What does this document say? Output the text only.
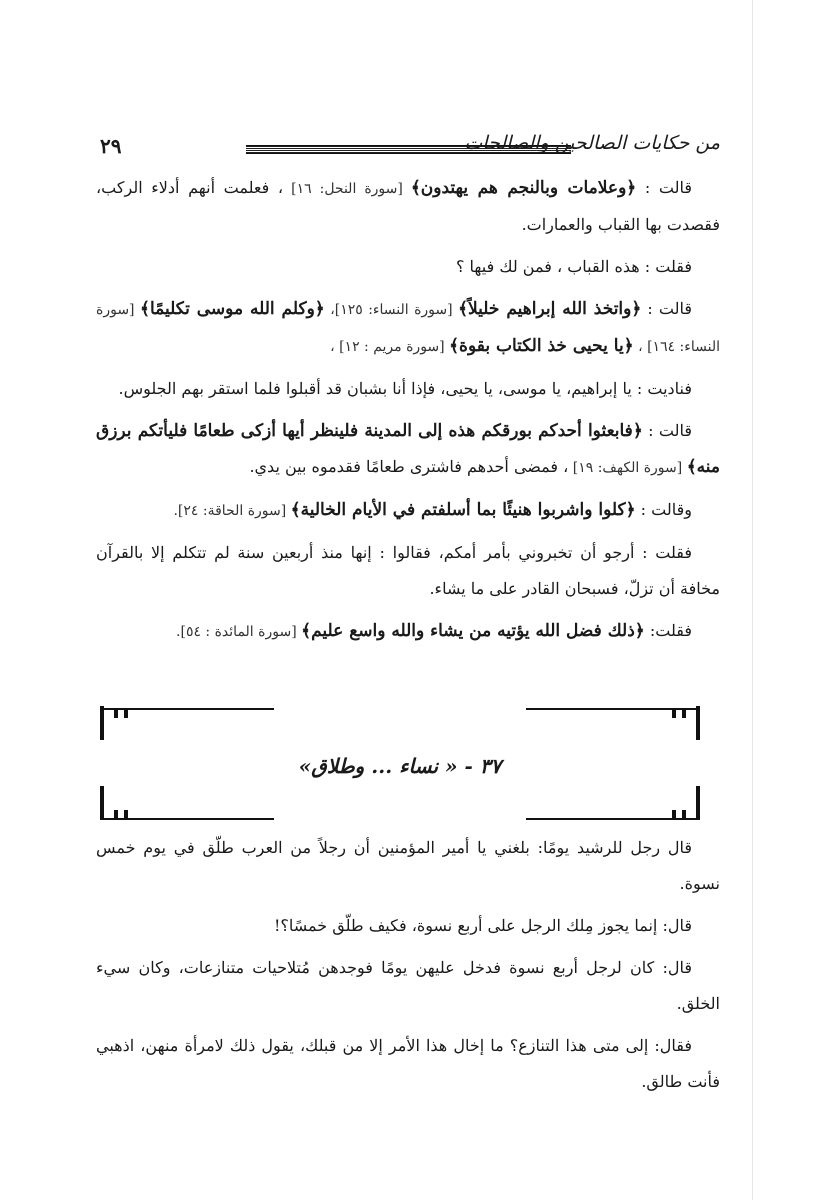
٢٩	من حكايات الصالحين والصالحات

قالت : ﴿وعلامات وبالنجم هم يهتدون﴾ [سورة النحل: ١٦] ، فعلمت أنهم أدلاء الركب، فقصدت بها القباب والعمارات.

فقلت : هذه القباب ، فمن لك فيها ؟

قالت : ﴿واتخذ الله إبراهيم خليلاً﴾ [سورة النساء: ١٢٥]، ﴿وكلم الله موسى تكليمًا﴾ [سورة النساء: ١٦٤] ، ﴿يا يحيى خذ الكتاب بقوة﴾ [سورة مريم : ١٢] ،

فناديت : يا إبراهيم، يا موسى، يا يحيى، فإذا أنا بشبان قد أقبلوا فلما استقر بهم الجلوس.

قالت : ﴿فابعثوا أحدكم بورقكم هذه إلى المدينة فلينظر أيها أزكى طعامًا فليأتكم برزق منه﴾ [سورة الكهف: ١٩] ، فمضى أحدهم فاشترى طعامًا فقدموه بين يدي.

وقالت : ﴿كلوا واشربوا هنيئًا بما أسلفتم في الأيام الخالية﴾ [سورة الحاقة: ٢٤].

فقلت : أرجو أن تخبروني بأمر أمكم، فقالوا : إنها منذ أربعين سنة لم تتكلم إلا بالقرآن مخافة أن تزلّ، فسبحان القادر على ما يشاء.

فقلت: ﴿ذلك فضل الله يؤتيه من يشاء والله واسع عليم﴾ [سورة المائدة : ٥٤].

٣٧ - « نساء ... وطلاق»

قال رجل للرشيد يومًا: بلغني يا أمير المؤمنين أن رجلاً من العرب طلّق في يوم خمس نسوة.

قال: إنما يجوز مِلك الرجل على أربع نسوة، فكيف طلّق خمسًا؟!

قال: كان لرجل أربع نسوة فدخل عليهن يومًا فوجدهن مُتلاحيات متنازعات، وكان سيء الخلق.

فقال: إلى متى هذا التنازع؟ ما إخال هذا الأمر إلا من قبلك، يقول ذلك لامرأة منهن، اذهبي فأنت طالق.
